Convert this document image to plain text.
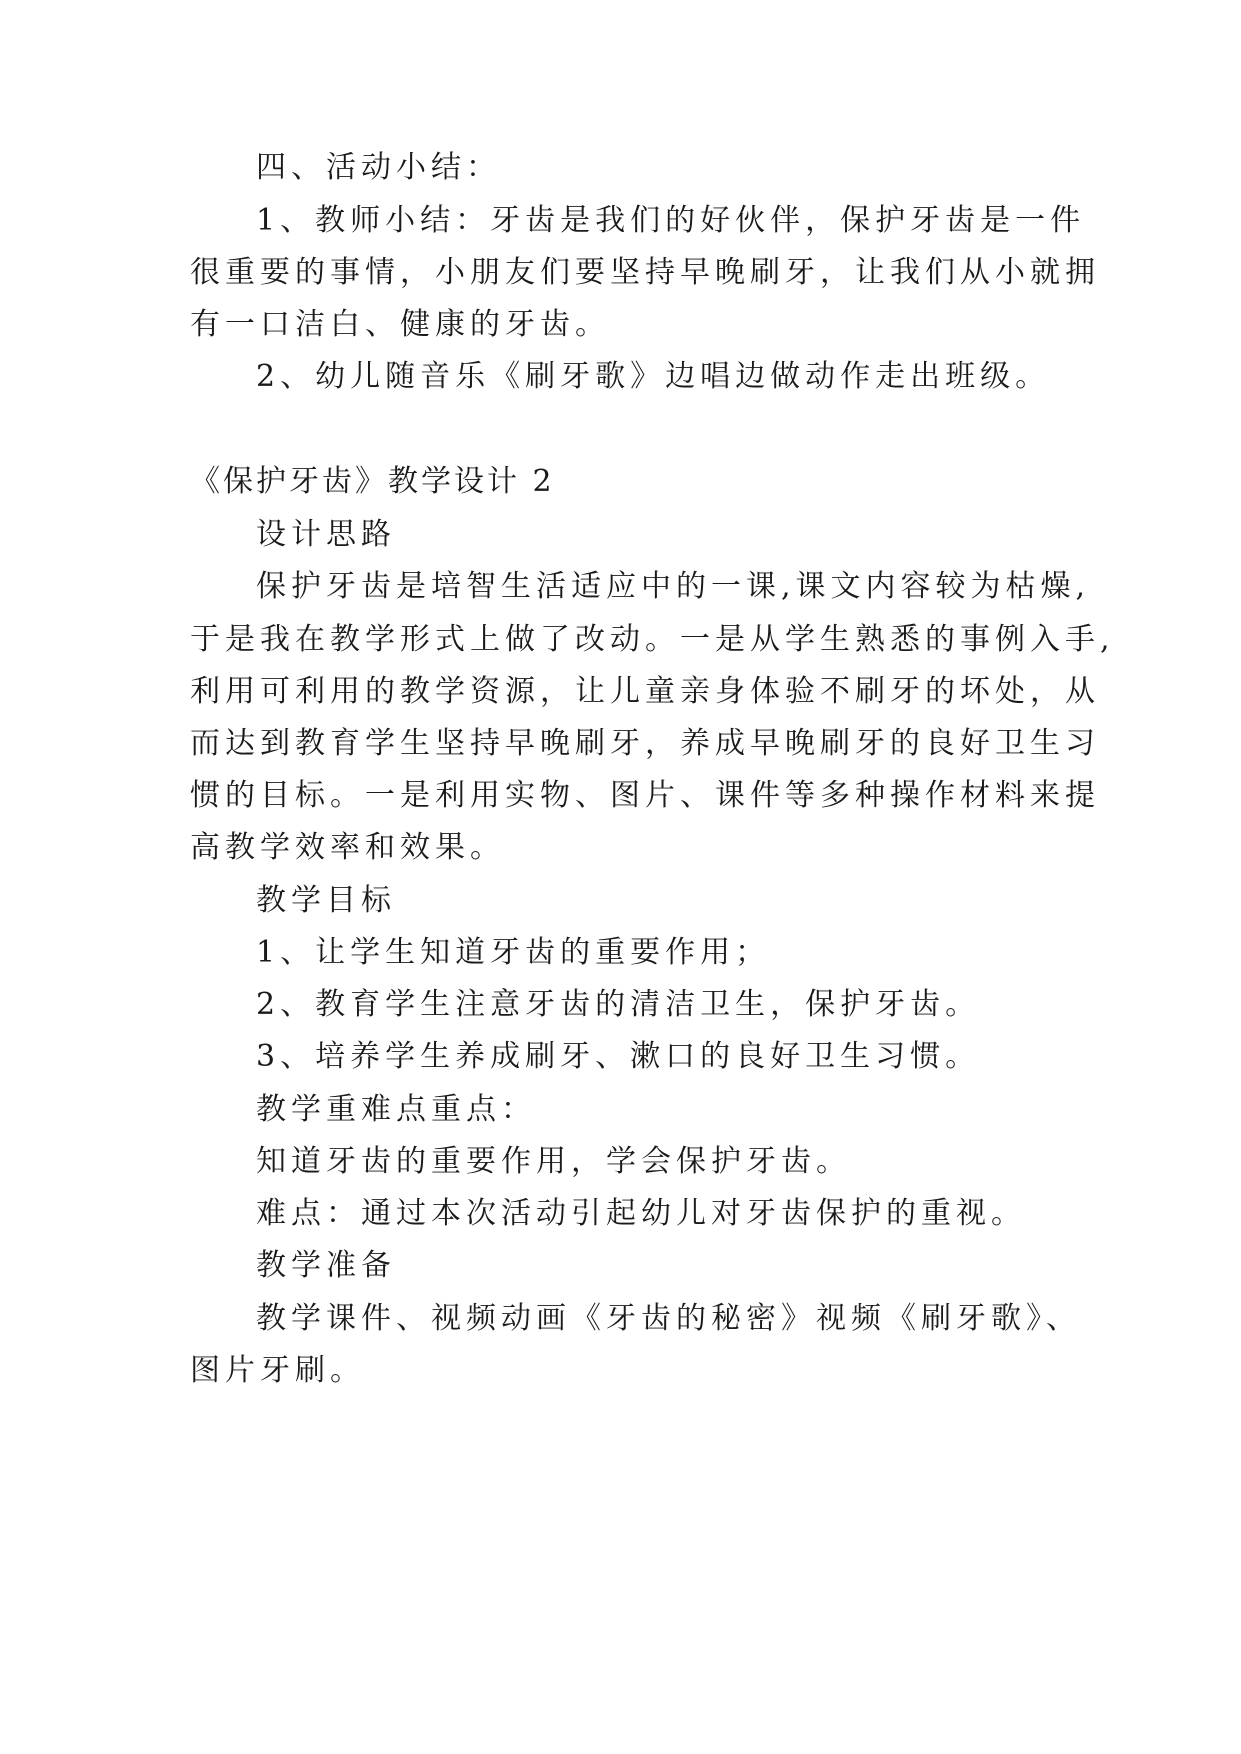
四、活动小结：
1、教师小结：牙齿是我们的好伙伴，保护牙齿是一件
很重要的事情，小朋友们要坚持早晚刷牙，让我们从小就拥
有一口洁白、健康的牙齿。
2、幼儿随音乐《刷牙歌》边唱边做动作走出班级。
《保护牙齿》教学设计 2
设计思路
保护牙齿是培智生活适应中的一课,课文内容较为枯燥,
于是我在教学形式上做了改动。一是从学生熟悉的事例入手,
利用可利用的教学资源，让儿童亲身体验不刷牙的坏处，从
而达到教育学生坚持早晚刷牙，养成早晚刷牙的良好卫生习
惯的目标。一是利用实物、图片、课件等多种操作材料来提
高教学效率和效果。
教学目标
1、让学生知道牙齿的重要作用；
2、教育学生注意牙齿的清洁卫生，保护牙齿。
3、培养学生养成刷牙、漱口的良好卫生习惯。
教学重难点重点：
知道牙齿的重要作用，学会保护牙齿。
难点：通过本次活动引起幼儿对牙齿保护的重视。
教学准备
教学课件、视频动画《牙齿的秘密》视频《刷牙歌》、
图片牙刷。
